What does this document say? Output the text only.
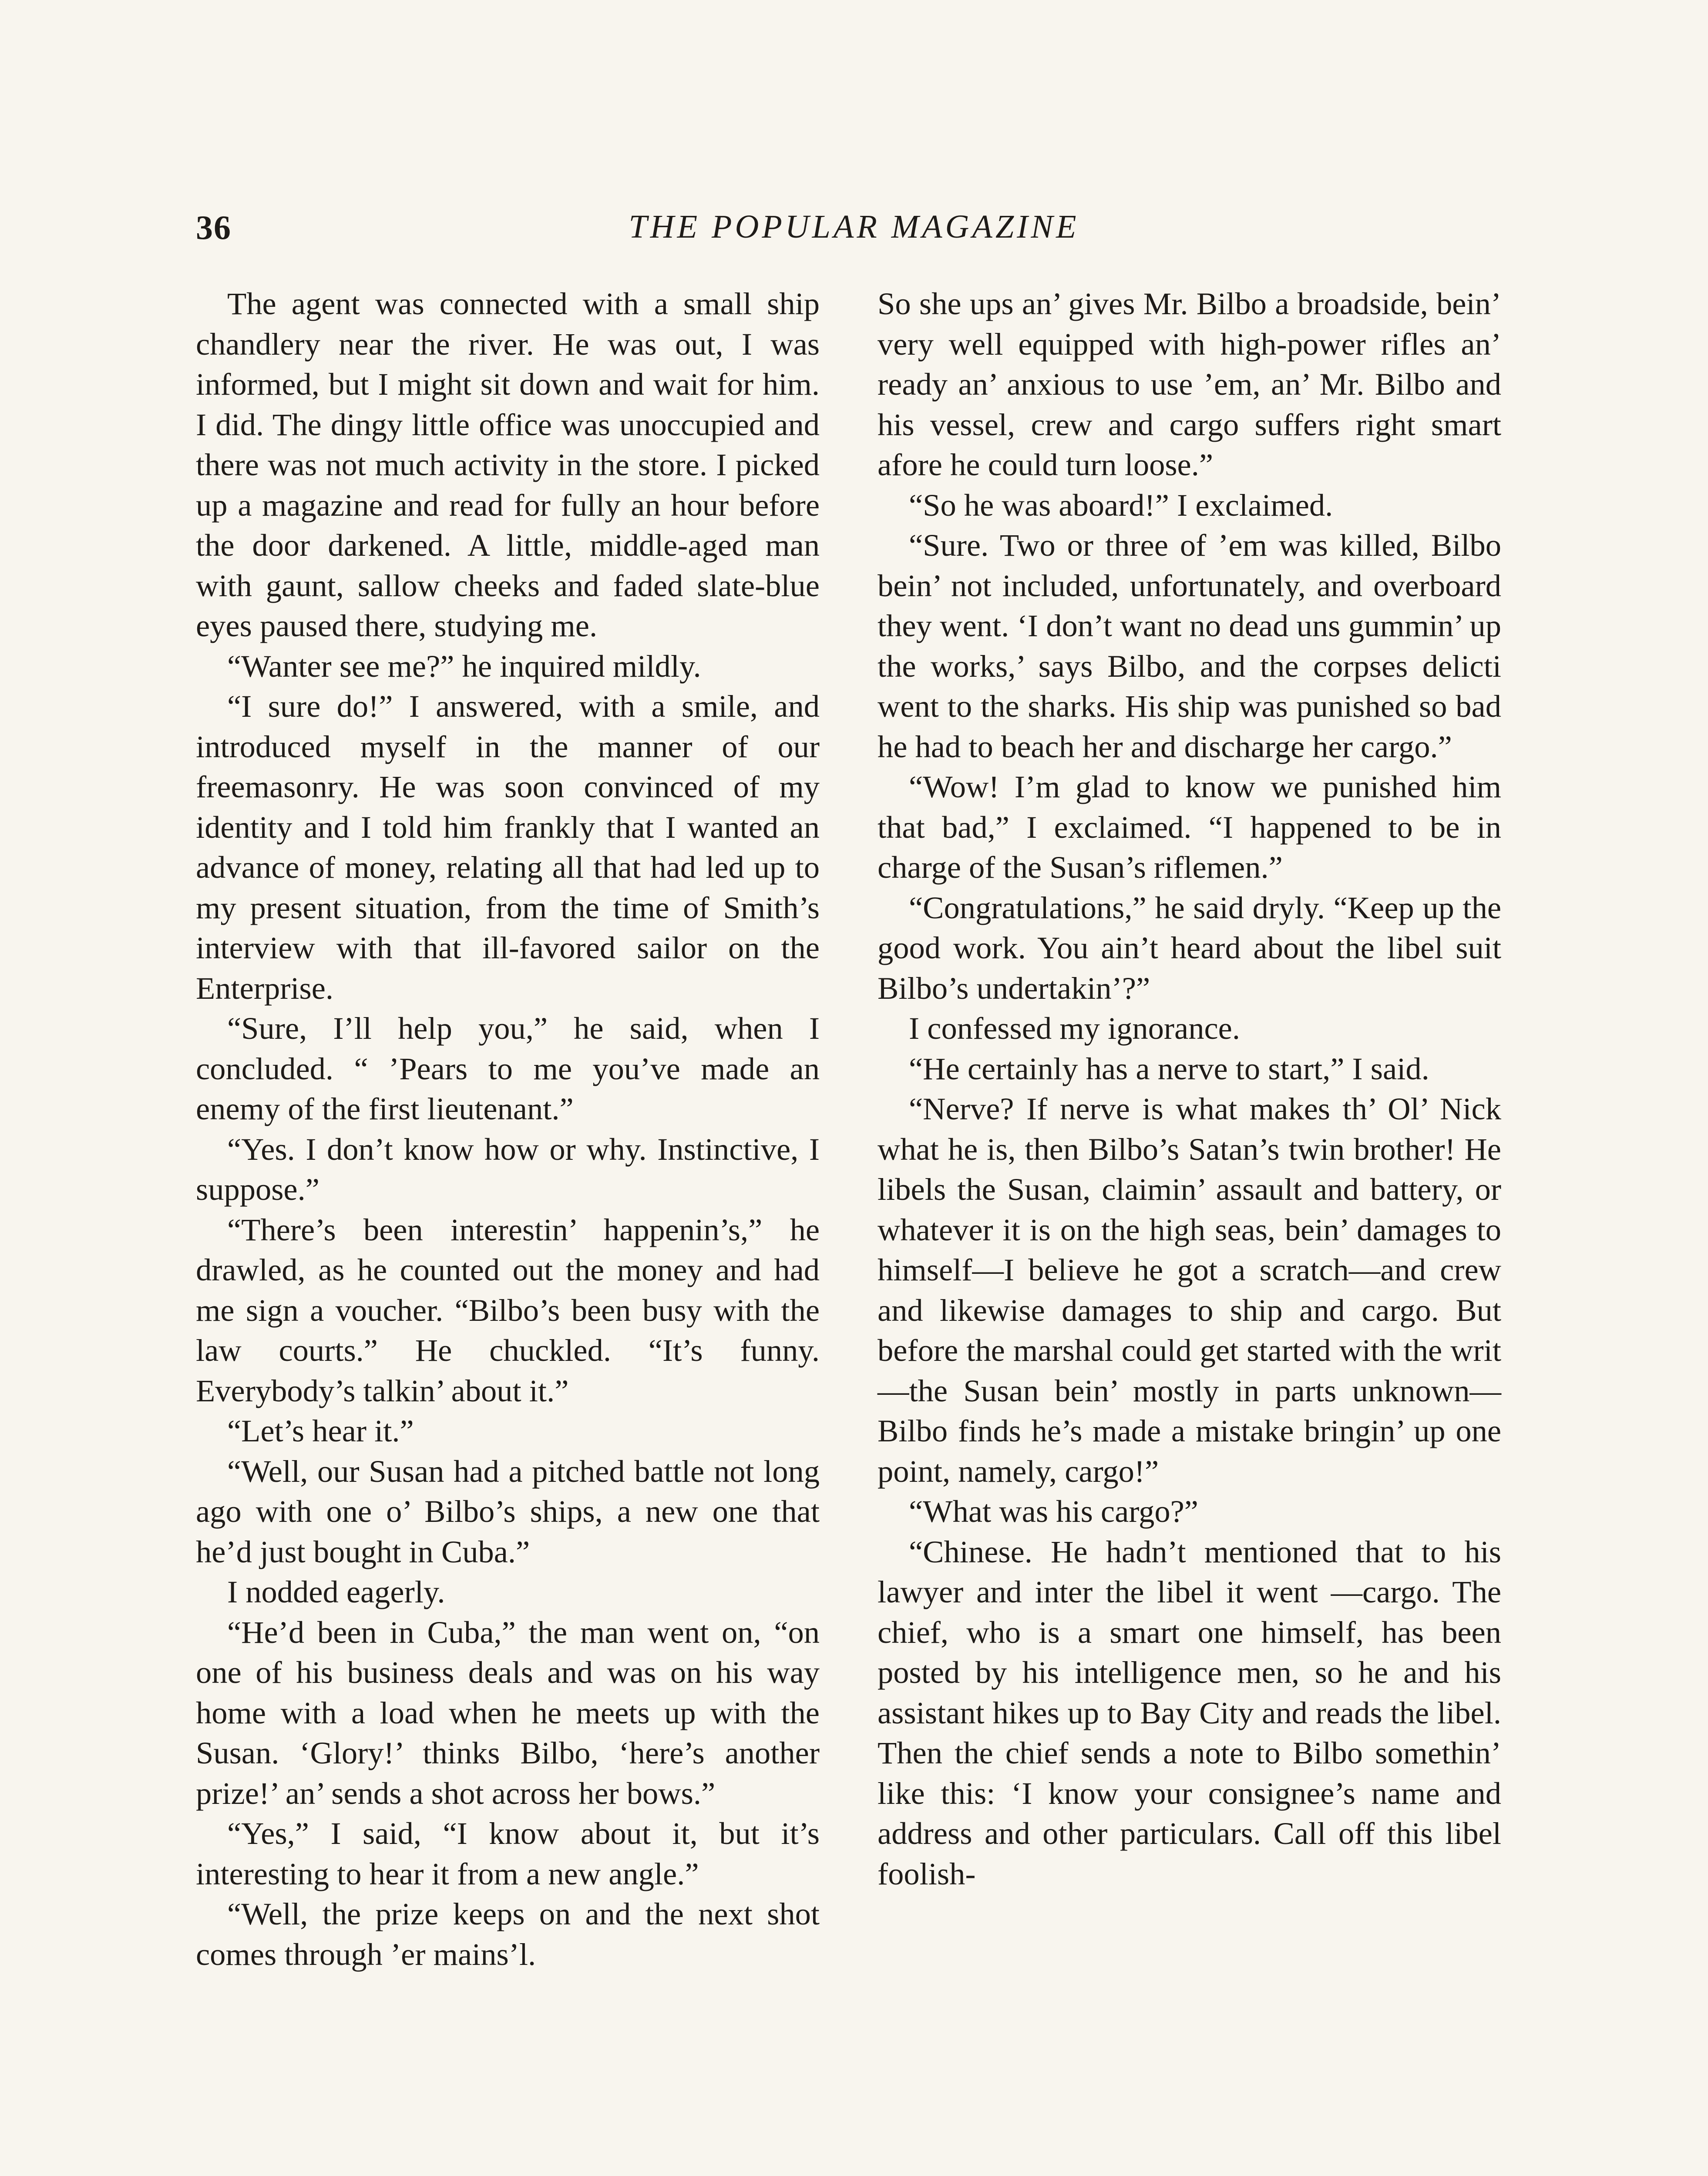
36	THE POPULAR MAGAZINE

The agent was connected with a small ship chandlery near the river. He was out, I was informed, but I might sit down and wait for him. I did. The dingy little office was unoccupied and there was not much activity in the store. I picked up a magazine and read for fully an hour before the door darkened. A little, middle-aged man with gaunt, sallow cheeks and faded slate-blue eyes paused there, studying me.

“Wanter see me?” he inquired mildly.

“I sure do!” I answered, with a smile, and introduced myself in the manner of our freemasonry. He was soon convinced of my identity and I told him frankly that I wanted an advance of money, relating all that had led up to my present situation, from the time of Smith’s interview with that ill-favored sailor on the Enterprise.

“Sure, I’ll help you,” he said, when I concluded. “ ’Pears to me you’ve made an enemy of the first lieutenant.”

“Yes. I don’t know how or why. Instinctive, I suppose.”

“There’s been interestin’ happenin’s,” he drawled, as he counted out the money and had me sign a voucher. “Bilbo’s been busy with the law courts.” He chuckled. “It’s funny. Everybody’s talkin’ about it.”

“Let’s hear it.”

“Well, our Susan had a pitched battle not long ago with one o’ Bilbo’s ships, a new one that he’d just bought in Cuba.”

I nodded eagerly.

“He’d been in Cuba,” the man went on, “on one of his business deals and was on his way home with a load when he meets up with the Susan. ‘Glory!’ thinks Bilbo, ‘here’s another prize!’ an’ sends a shot across her bows.”

“Yes,” I said, “I know about it, but it’s interesting to hear it from a new angle.”

“Well, the prize keeps on and the next shot comes through ’er mains’l.

So she ups an’ gives Mr. Bilbo a broadside, bein’ very well equipped with high-power rifles an’ ready an’ anxious to use ’em, an’ Mr. Bilbo and his vessel, crew and cargo suffers right smart afore he could turn loose.”

“So he was aboard!” I exclaimed.

“Sure. Two or three of ’em was killed, Bilbo bein’ not included, unfortunately, and overboard they went. ‘I don’t want no dead uns gummin’ up the works,’ says Bilbo, and the corpses delicti went to the sharks. His ship was punished so bad he had to beach her and discharge her cargo.”

“Wow! I’m glad to know we punished him that bad,” I exclaimed. “I happened to be in charge of the Susan’s riflemen.”

“Congratulations,” he said dryly. “Keep up the good work. You ain’t heard about the libel suit Bilbo’s undertakin’?”

I confessed my ignorance.

“He certainly has a nerve to start,” I said.

“Nerve? If nerve is what makes th’ Ol’ Nick what he is, then Bilbo’s Satan’s twin brother! He libels the Susan, claimin’ assault and battery, or whatever it is on the high seas, bein’ damages to himself—I believe he got a scratch—and crew and likewise damages to ship and cargo. But before the marshal could get started with the writ —the Susan bein’ mostly in parts unknown—Bilbo finds he’s made a mistake bringin’ up one point, namely, cargo!”

“What was his cargo?”

“Chinese. He hadn’t mentioned that to his lawyer and inter the libel it went —cargo. The chief, who is a smart one himself, has been posted by his intelligence men, so he and his assistant hikes up to Bay City and reads the libel. Then the chief sends a note to Bilbo somethin’ like this: ‘I know your consignee’s name and address and other particulars. Call off this libel foolish-
